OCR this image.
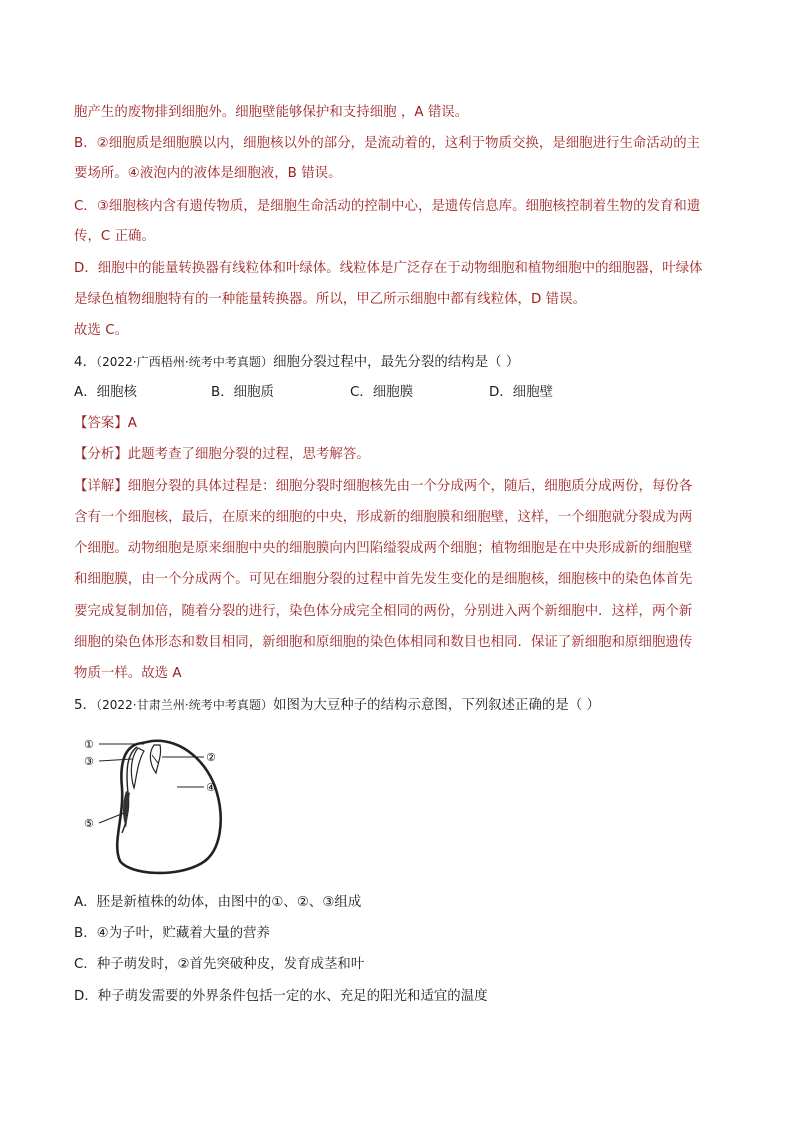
胞产生的废物排到细胞外。细胞壁能够保护和支持细胞 ，A 错误。
B．②细胞质是细胞膜以内，细胞核以外的部分，是流动着的，这利于物质交换，是细胞进行生命活动的主
要场所。④液泡内的液体是细胞液，B 错误。
C．③细胞核内含有遗传物质，是细胞生命活动的控制中心，是遗传信息库。细胞核控制着生物的发育和遗
传，C 正确。
D．细胞中的能量转换器有线粒体和叶绿体。线粒体是广泛存在于动物细胞和植物细胞中的细胞器，叶绿体
是绿色植物细胞特有的一种能量转换器。所以，甲乙所示细胞中都有线粒体，D 错误。
故选 C。
4．（2022·广西梧州·统考中考真题）细胞分裂过程中，最先分裂的结构是（ ）
A．细胞核	B．细胞质	C．细胞膜	D．细胞壁
【答案】A
【分析】此题考查了细胞分裂的过程，思考解答。
【详解】细胞分裂的具体过程是：细胞分裂时细胞核先由一个分成两个，随后，细胞质分成两份，每份各
含有一个细胞核，最后，在原来的细胞的中央，形成新的细胞膜和细胞壁，这样，一个细胞就分裂成为两
个细胞。动物细胞是原来细胞中央的细胞膜向内凹陷缢裂成两个细胞；植物细胞是在中央形成新的细胞壁
和细胞膜，由一个分成两个。可见在细胞分裂的过程中首先发生变化的是细胞核，细胞核中的染色体首先
要完成复制加倍，随着分裂的进行，染色体分成完全相同的两份，分别进入两个新细胞中．这样，两个新
细胞的染色体形态和数目相同，新细胞和原细胞的染色体相同和数目也相同．保证了新细胞和原细胞遗传
物质一样。故选 A
5．（2022·甘肃兰州·统考中考真题）如图为大豆种子的结构示意图，下列叙述正确的是（ ）
①
②
③
④
⑤
A．胚是新植株的幼体，由图中的①、②、③组成
B．④为子叶，贮藏着大量的营养
C．种子萌发时，②首先突破种皮，发育成茎和叶
D．种子萌发需要的外界条件包括一定的水、充足的阳光和适宜的温度
